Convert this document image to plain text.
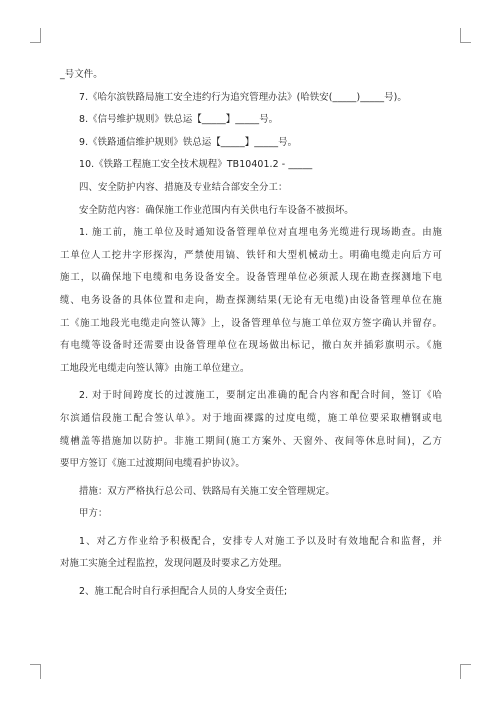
_号文件。
7.《哈尔滨铁路局施工安全违约行为追究管理办法》(哈铁安(_____)_____号)。
8.《信号维护规则》铁总运【_____】_____号。
9.《铁路通信维护规则》铁总运【_____】_____号。
10.《铁路工程施工安全技术规程》TB10401.2 - _____
四、安全防护内容、措施及专业结合部安全分工：
安全防范内容：确保施工作业范围内有关供电行车设备不被损坏。
1. 施工前，施工单位及时通知设备管理单位对直埋电务光缆进行现场勘查。由施
工单位人工挖井字形探沟，严禁使用镐、铁钎和大型机械动土。明确电缆走向后方可
施工，以确保地下电缆和电务设备安全。设备管理单位必须派人现在勘查探测地下电
缆、电务设备的具体位置和走向，勘查探测结果(无论有无电缆)由设备管理单位在施
工《施工地段光电缆走向签认簿》上，设备管理单位与施工单位双方签字确认并留存。
有电缆等设备时还需要由设备管理单位在现场做出标记，撤白灰并插彩旗明示。《施
工地段光电缆走向签认簿》由施工单位建立。
2. 对于时间跨度长的过渡施工，要制定出准确的配合内容和配合时间，签订《哈
尔滨通信段施工配合签认单》。对于地面裸露的过度电缆，施工单位要采取槽钢或电
缆槽盖等措施加以防护。非施工期间(施工方案外、天窗外、夜间等休息时间)，乙方
要甲方签订《施工过渡期间电缆看护协议》。
措施：双方严格执行总公司、铁路局有关施工安全管理规定。
甲方：
1、对乙方作业给予积极配合，安排专人对施工予以及时有效地配合和监督，并
对施工实施全过程监控，发现问题及时要求乙方处理。
2、施工配合时自行承担配合人员的人身安全责任;
